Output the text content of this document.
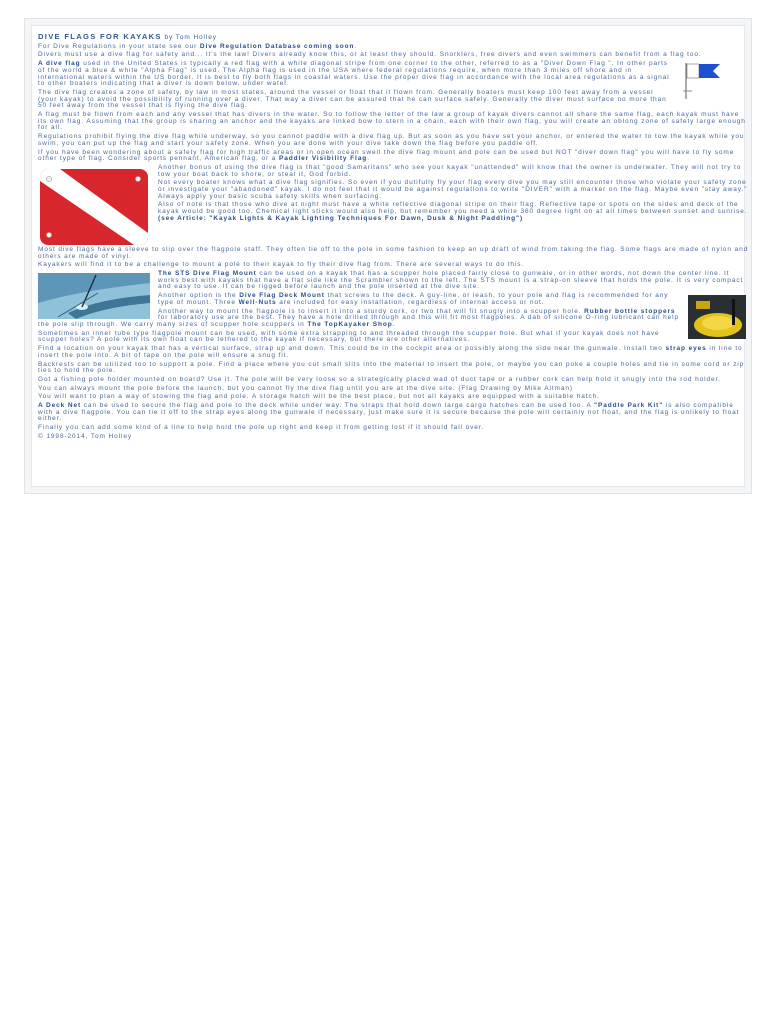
DIVE FLAGS FOR KAYAKS by Tom Holley

For Dive Regulations in your state see our Dive Regulation Database coming soon.

Divers must use a dive flag for safety and... It's the law! Divers already know this, or at least they should. Snorklers, free divers and even swimmers can benefit from a flag too.

A dive flag used in the United States is typically a red flag with a white diagonal stripe from one corner to the other, referred to as a "Diver Down Flag ". In other parts of the world a blue & white "Alpha Flag" is used. The Alpha flag is used in the USA where federal regulations require, when more than 3 miles off shore and in international waters within the US border. It is best to fly both flags in coastal waters. Use the proper dive flag in accordance with the local area regulations as a signal to other boaters indicating that a diver is down below, under water.

The dive flag creates a zone of safety, by law in most states, around the vessel or float that it flown from. Generally boaters must keep 100 feet away from a vessel (your kayak) to avoid the possibility of running over a diver. That way a diver can be assured that he can surface safely. Generally the diver must surface no more than 50 feet away from the vessel that is flying the dive flag.

A flag must be flown from each and any vessel that has divers in the water. So to follow the letter of the law a group of kayak divers cannot all share the same flag, each kayak must have its own flag. Assuming that the group is sharing an anchor and the kayaks are linked bow to stern in a chain, each with their own flag, you will create an oblong zone of safety large enough for all.

Regulations prohibit flying the dive flag while underway, so you cannot paddle with a dive flag up. But as soon as you have set your anchor, or entered the water to tow the kayak while you swim, you can put up the flag and start your safety zone. When you are done with your dive take down the flag before you paddle off.

If you have been wondering about a safety flag for high traffic areas or in open ocean swell the dive flag mount and pole can be used but NOT "diver down flag" you will have to fly some other type of flag. Consider sports pennant, American flag, or a Paddler Visibility Flag.

Another bonus of using the dive flag is that "good Samaritans" who see your kayak "unattended" will know that the owner is underwater. They will not try to tow your boat back to shore, or steal it, God forbid.

Not every boater knows what a dive flag signifies. So even if you dutifully fly your flag every dive you may still encounter those who violate your safety zone or investigate your "abandoned" kayak. I do not feel that it would be against regulations to write "DIVER" with a marker on the flag. Maybe even "stay away." Always apply your basic scuba safety skills when surfacing.

Also of note is that those who dive at night must have a white reflective diagonal stripe on their flag. Reflective tape or spots on the sides and deck of the kayak would be good too. Chemical light sticks would also help, but remember you need a white 360 degree light on at all times between sunset and sunrise. (see Article: "Kayak Lights & Kayak Lighting Techniques For Dawn, Dusk & Night Paddling")

Most dive flags have a sleeve to slip over the flagpole staff. They often tie off to the pole in some fashion to keep an up draft of wind from taking the flag. Some flags are made of nylon and others are made of vinyl.

Kayakers will find it to be a challenge to mount a pole to their kayak to fly their dive flag from. There are several ways to do this.

The STS Dive Flag Mount can be used on a kayak that has a scupper hole placed fairly close to gunwale, or in other words, not down the center line. It works best with kayaks that have a flat side like the Scrambler shown to the left. The STS mount is a strap-on sleeve that holds the pole. It is very compact and easy to use. It can be rigged before launch and the pole inserted at the dive site.

Another option is the Dive Flag Deck Mount that screws to the deck. A guy-line, or leash, to your pole and flag is recommended for any type of mount. Three Well-Nuts are included for easy installation, regardless of internal access or not.

Another way to mount the flagpole is to insert it into a sturdy cork, or two that will fit snugly into a scupper hole. Rubber bottle stoppers for laboratory use are the best. They have a hole drilled through and this will fit most flagpoles. A dab of silicone O-ring lubricant can help the pole slip through. We carry many sizes of scupper hole scuppers in The TopKayaker Shop.

Sometimes an inner tube type flagpole mount can be used, with some extra strapping to and threaded through the scupper hole. But what if your kayak does not have scupper holes? A pole with its own float can be tethered to the kayak if necessary, but there are other alternatives.

Find a location on your kayak that has a vertical surface, strap up and down. This could be in the cockpit area or possibly along the side near the gunwale. Install two strap eyes in line to insert the pole into. A bit of tape on the pole will ensure a snug fit.

Backrests can be utilized too to support a pole. Find a place where you cut small slits into the material to insert the pole, or maybe you can poke a couple holes and tie in some cord or zip ties to hold the pole.

Got a fishing pole holder mounted on board? Use it. The pole will be very loose so a strategically placed wad of duct tape or a rubber cork can help hold it snugly into the rod holder.

You can always mount the pole before the launch, but you cannot fly the dive flag until you are at the dive site. (Flag Drawing by Mike Altman)

You will want to plan a way of stowing the flag and pole. A storage hatch will be the best place, but not all kayaks are equipped with a suitable hatch.

A Deck Net can be used to secure the flag and pole to the deck while under way. The straps that hold down large cargo hatches can be used too. A "Paddle Park Kit" is also compatible with a dive flagpole. You can tie it off to the strap eyes along the gunwale if necessary, just make sure it is secure because the pole will certainly not float, and the flag is unlikely to float either.

Finally you can add some kind of a line to help hold the pole up right and keep it from getting lost if it should fall over.

© 1998-2014, Tom Holley
